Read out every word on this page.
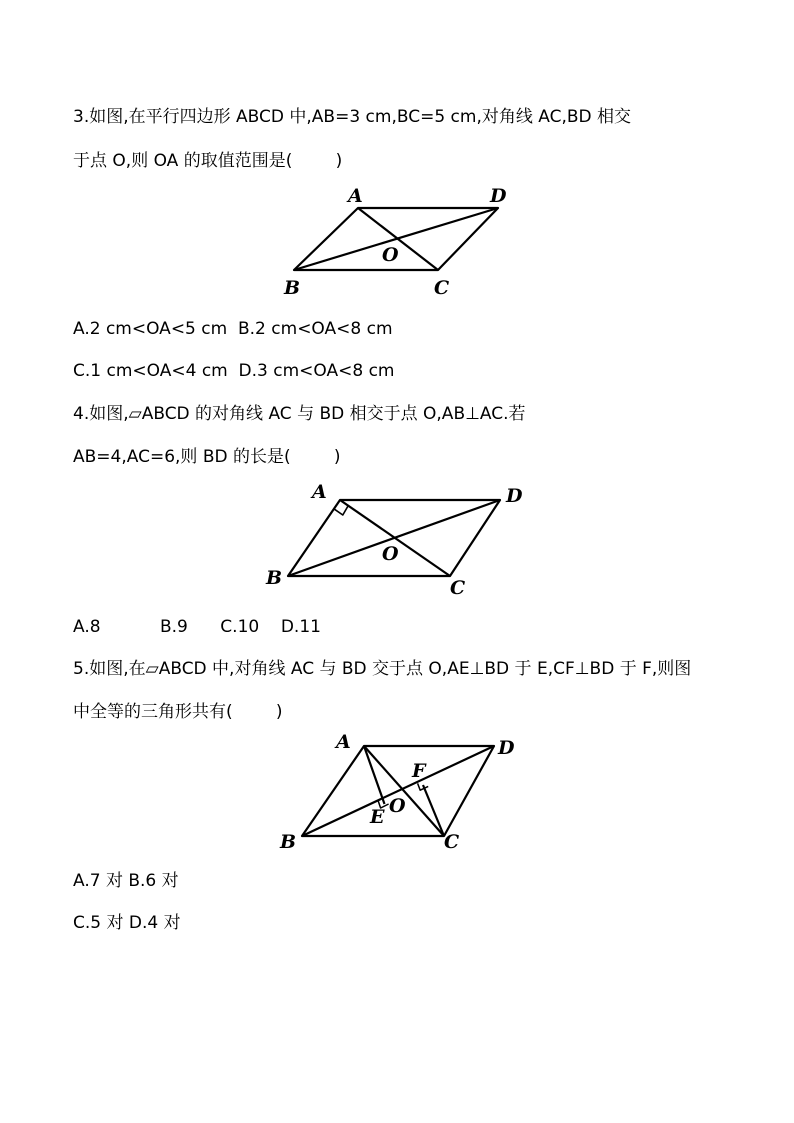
3.如图,在平行四边形 ABCD 中,AB=3 cm,BC=5 cm,对角线 AC,BD 相交
于点 O,则 OA 的取值范围是(        )
A	D
B	C
O
A.2 cm<OA<5 cm  B.2 cm<OA<8 cm
C.1 cm<OA<4 cm  D.3 cm<OA<8 cm
4.如图,▱ABCD 的对角线 AC 与 BD 相交于点 O,AB⊥AC.若
AB=4,AC=6,则 BD 的长是(        )
A	D
B	C
O
A.8           B.9      C.10    D.11
5.如图,在▱ABCD 中,对角线 AC 与 BD 交于点 O,AE⊥BD 于 E,CF⊥BD 于 F,则图
中全等的三角形共有(        )
A	D
B	C
O
E
F
A.7 对 B.6 对
C.5 对 D.4 对
